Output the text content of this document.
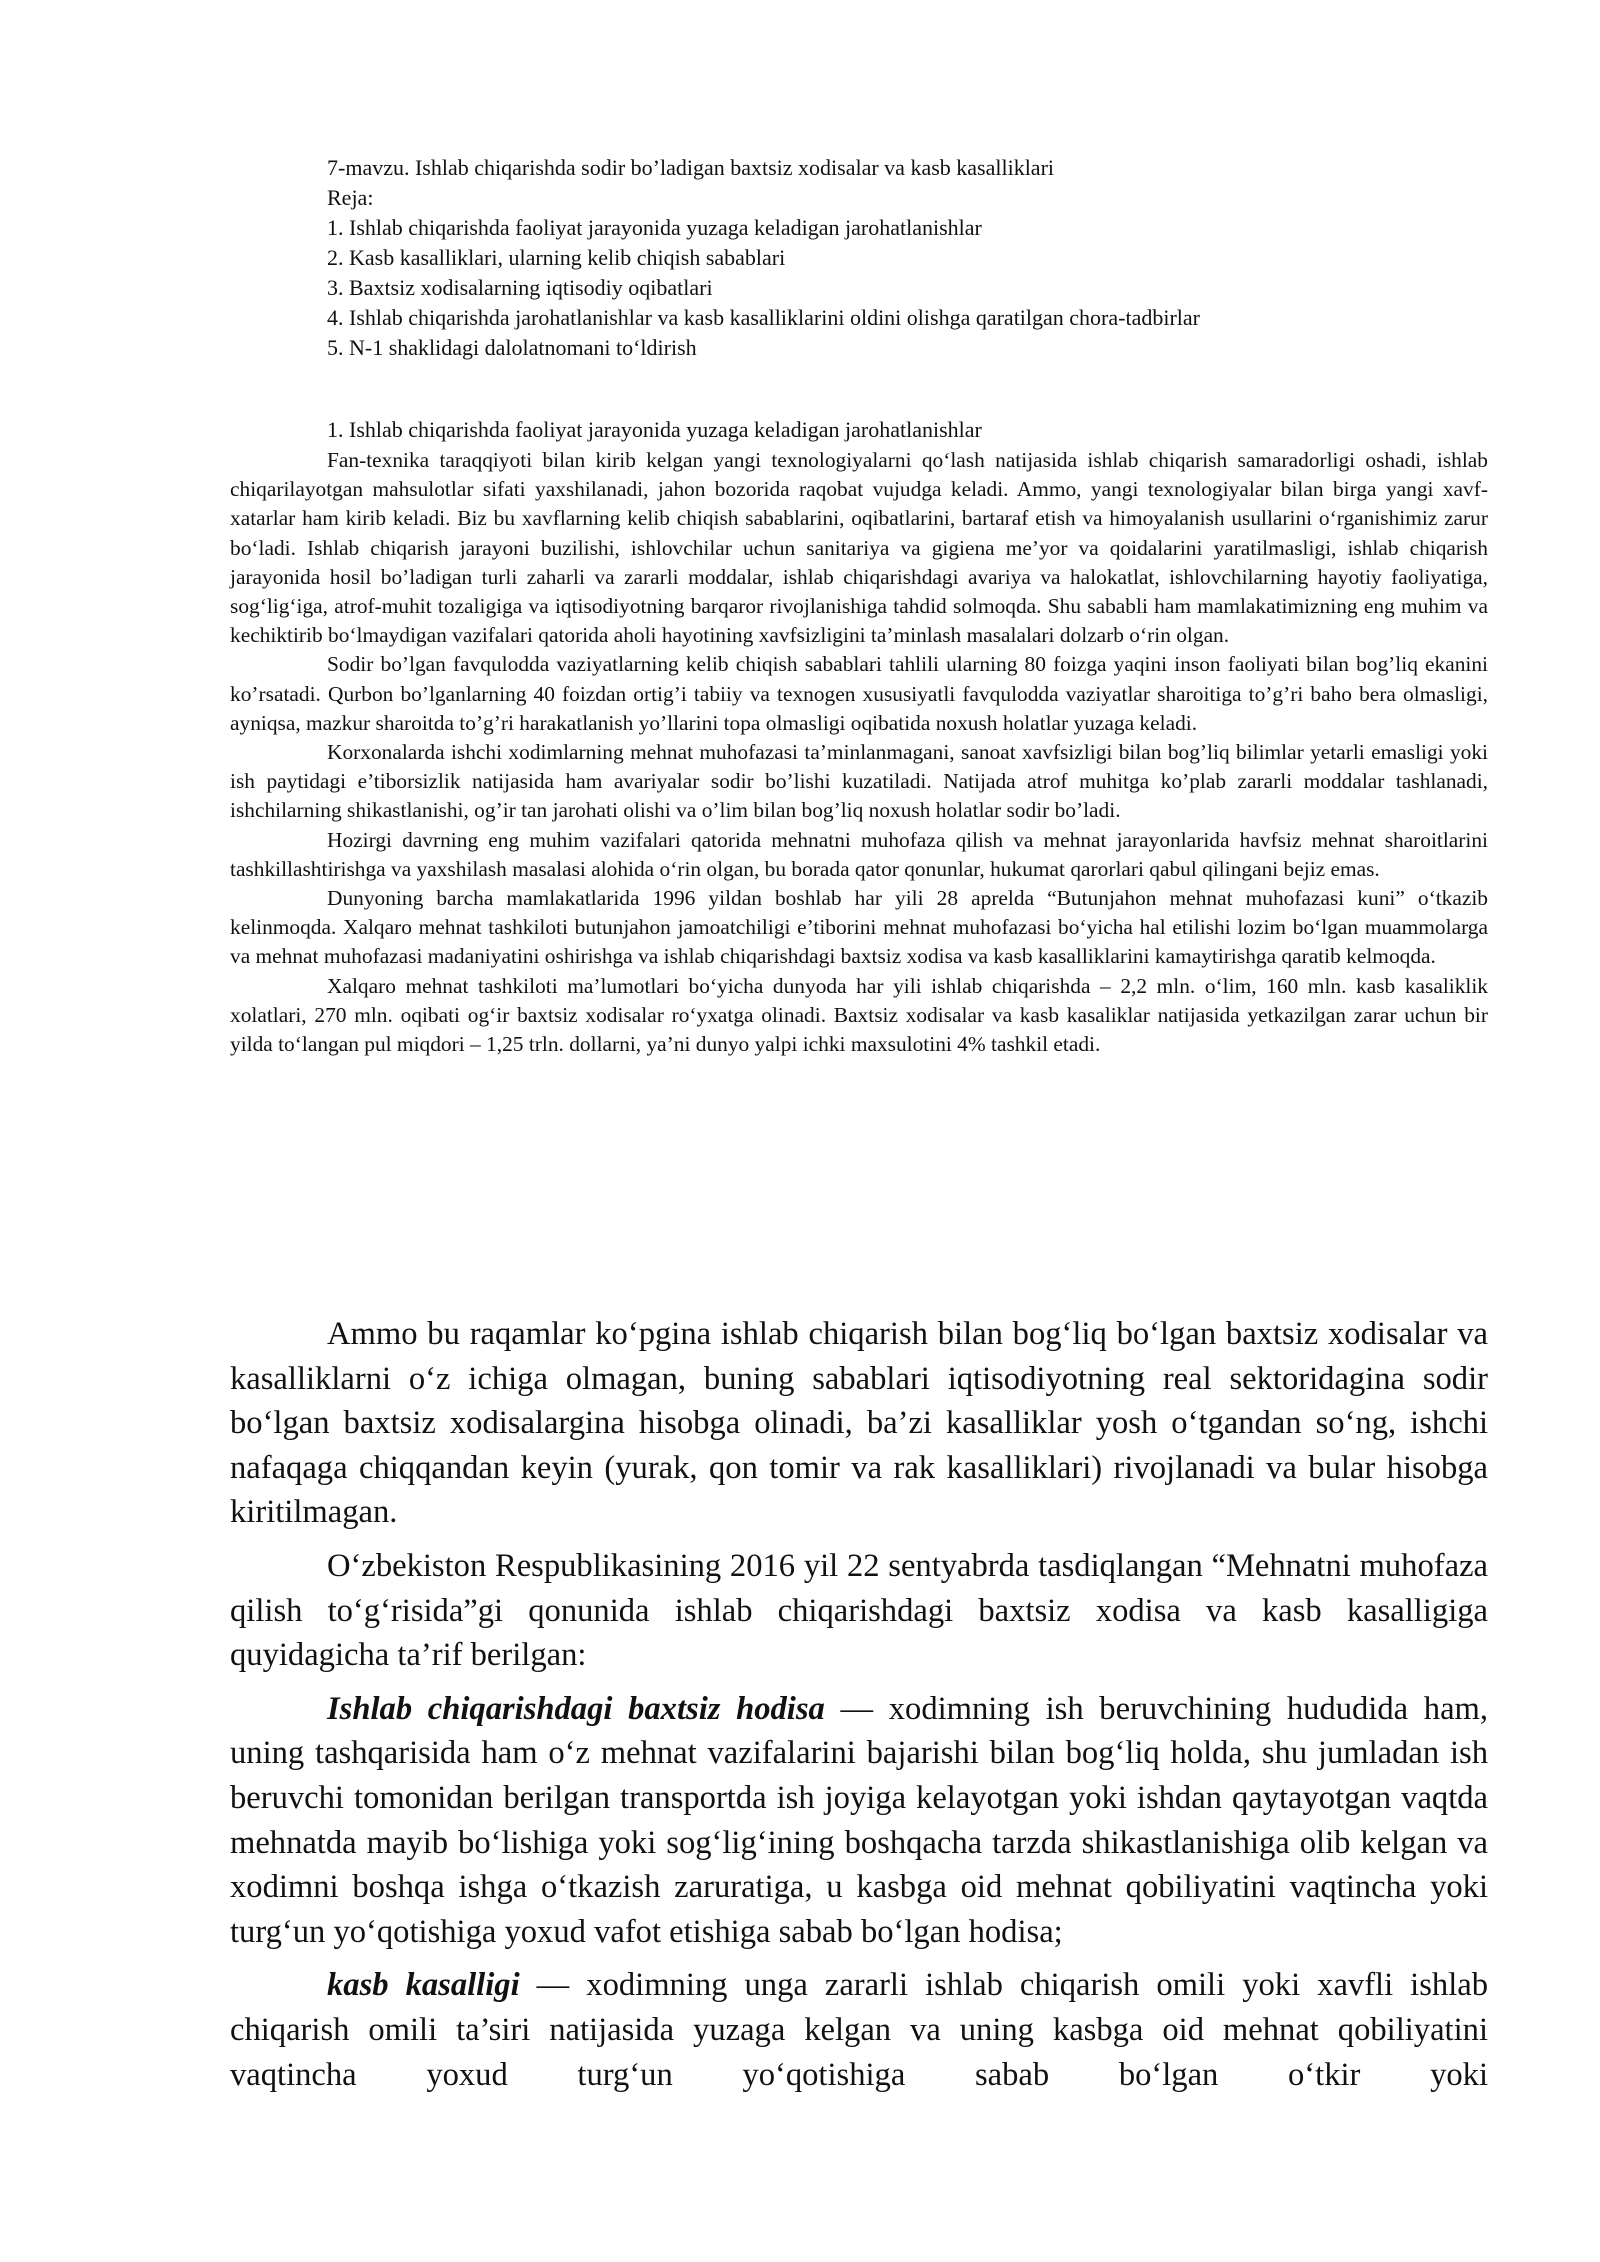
7-mavzu. Ishlab chiqarishda sodir bo’ladigan baxtsiz xodisalar va kasb kasalliklari
Reja:
1. Ishlab chiqarishda faoliyat jarayonida yuzaga keladigan jarohatlanishlar
2. Kasb kasalliklari, ularning kelib chiqish sabablari
3. Baxtsiz xodisalarning iqtisodiy oqibatlari
4. Ishlab chiqarishda jarohatlanishlar va kasb kasalliklarini oldini olishga qaratilgan chora-tadbirlar
5. N-1 shaklidagi dalolatnomani to‘ldirish
1. Ishlab chiqarishda faoliyat jarayonida yuzaga keladigan jarohatlanishlar

Fan-texnika taraqqiyoti bilan kirib kelgan yangi texnologiyalarni qo‘lash natijasida ishlab chiqarish samaradorligi oshadi, ishlab chiqarilayotgan mahsulotlar sifati yaxshilanadi, jahon bozorida raqobat vujudga keladi. Ammo, yangi texnologiyalar bilan birga yangi xavf-xatarlar ham kirib keladi. Biz bu xavflarning kelib chiqish sabablarini, oqibatlarini, bartaraf etish va himoyalanish usullarini o‘rganishimiz zarur bo‘ladi. Ishlab chiqarish jarayoni buzilishi, ishlovchilar uchun sanitariya va gigiena me’yor va qoidalarini yaratilmasligi, ishlab chiqarish jarayonida hosil bo’ladigan turli zaharli va zararli moddalar, ishlab chiqarishdagi avariya va halokatlat, ishlovchilarning hayotiy faoliyatiga, sog‘lig‘iga, atrof-muhit tozaligiga va iqtisodiyotning barqaror rivojlanishiga tahdid solmoqda. Shu sababli ham mamlakatimizning eng muhim va kechiktirib bo‘lmaydigan vazifalari qatorida aholi hayotining xavfsizligini ta’minlash masalalari dolzarb o‘rin olgan.

Sodir bo’lgan favqulodda vaziyatlarning kelib chiqish sabablari tahlili ularning 80 foizga yaqini inson faoliyati bilan bog’liq ekanini ko’rsatadi. Qurbon bo’lganlarning 40 foizdan ortig’i tabiiy va texnogen xususiyatli favqulodda vaziyatlar sharoitiga to’g’ri baho bera olmasligi, ayniqsa, mazkur sharoitda to’g’ri harakatlanish yo’llarini topa olmasligi oqibatida noxush holatlar yuzaga keladi.

Korxonalarda ishchi xodimlarning mehnat muhofazasi ta’minlanmagani, sanoat xavfsizligi bilan bog’liq bilimlar yetarli emasligi yoki ish paytidagi e’tiborsizlik natijasida ham avariyalar sodir bo’lishi kuzatiladi. Natijada atrof muhitga ko’plab zararli moddalar tashlanadi, ishchilarning shikastlanishi, og’ir tan jarohati olishi va o’lim bilan bog’liq noxush holatlar sodir bo’ladi.

Hozirgi davrning eng muhim vazifalari qatorida mehnatni muhofaza qilish va mehnat jarayonlarida havfsiz mehnat sharoitlarini tashkillashtirishga va yaxshilash masalasi alohida o‘rin olgan, bu borada qator qonunlar, hukumat qarorlari qabul qilingani bejiz emas.

Dunyoning barcha mamlakatlarida 1996 yildan boshlab har yili 28 aprelda “Butunjahon mehnat muhofazasi kuni” o‘tkazib kelinmoqda. Xalqaro mehnat tashkiloti butunjahon jamoatchiligi e’tiborini mehnat muhofazasi bo‘yicha hal etilishi lozim bo‘lgan muammolarga va mehnat muhofazasi madaniyatini oshirishga va ishlab chiqarishdagi baxtsiz xodisa va kasb kasalliklarini kamaytirishga qaratib kelmoqda.

Xalqaro mehnat tashkiloti ma’lumotlari bo‘yicha dunyoda har yili ishlab chiqarishda – 2,2 mln. o‘lim, 160 mln. kasb kasaliklik xolatlari, 270 mln. oqibati og‘ir baxtsiz xodisalar ro‘yxatga olinadi. Baxtsiz xodisalar va kasb kasaliklar natijasida yetkazilgan zarar uchun bir yilda to‘langan pul miqdori – 1,25 trln. dollarni, ya’ni dunyo yalpi ichki maxsulotini 4% tashkil etadi.

Ammo bu raqamlar ko‘pgina ishlab chiqarish bilan bog‘liq bo‘lgan baxtsiz xodisalar va kasalliklarni o‘z ichiga olmagan, buning sabablari iqtisodiyotning real sektoridagina sodir bo‘lgan baxtsiz xodisalargina hisobga olinadi, ba’zi kasalliklar yosh o‘tgandan so‘ng, ishchi nafaqaga chiqqandan keyin (yurak, qon tomir va rak kasalliklari) rivojlanadi va bular hisobga kiritilmagan.

O‘zbekiston Respublikasining 2016 yil 22 sentyabrda tasdiqlangan “Mehnatni muhofaza qilish to‘g‘risida”gi qonunida ishlab chiqarishdagi baxtsiz xodisa va kasb kasalligiga quyidagicha ta’rif berilgan:

Ishlab chiqarishdagi baxtsiz hodisa — xodimning ish beruvchining hududida ham, uning tashqarisida ham o‘z mehnat vazifalarini bajarishi bilan bog‘liq holda, shu jumladan ish beruvchi tomonidan berilgan transportda ish joyiga kelayotgan yoki ishdan qaytayotgan vaqtda mehnatda mayib bo‘lishiga yoki sog‘lig‘ining boshqacha tarzda shikastlanishiga olib kelgan va xodimni boshqa ishga o‘tkazish zaruratiga, u kasbga oid mehnat qobiliyatini vaqtincha yoki turg‘un yo‘qotishiga yoxud vafot etishiga sabab bo‘lgan hodisa;

kasb kasalligi — xodimning unga zararli ishlab chiqarish omili yoki xavfli ishlab chiqarish omili ta’siri natijasida yuzaga kelgan va uning kasbga oid mehnat qobiliyatini vaqtincha yoxud turg‘un yo‘qotishiga sabab bo‘lgan o‘tkir yoki
